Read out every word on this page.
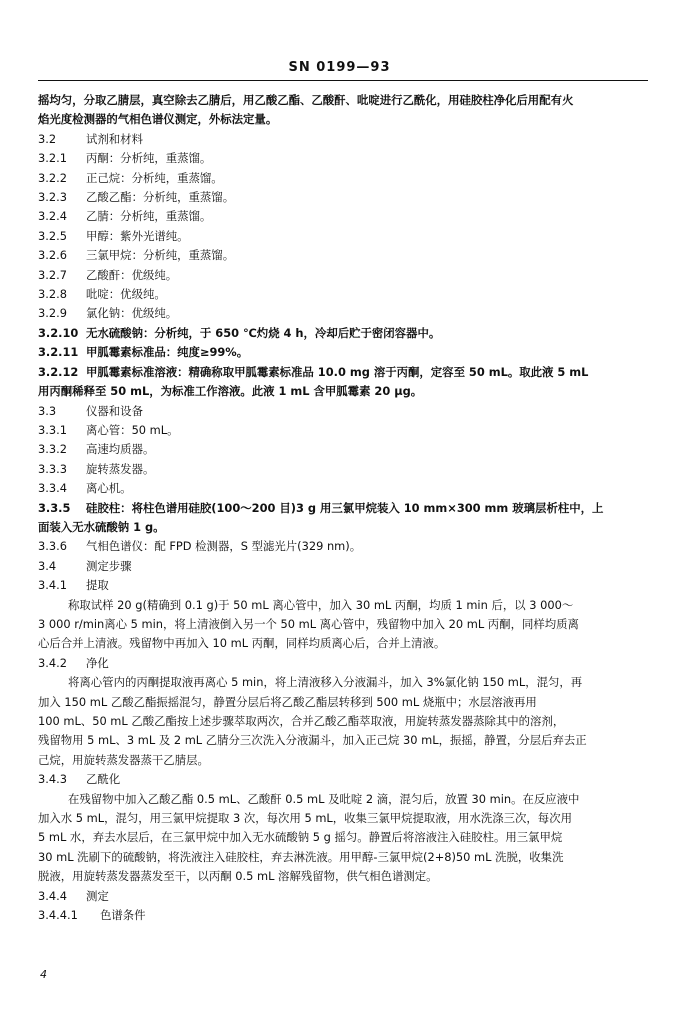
SN 0199—93

摇均匀，分取乙腈层，真空除去乙腈后，用乙酸乙酯、乙酸酐、吡啶进行乙酰化，用硅胶柱净化后用配有火

焰光度检测器的气相色谱仪测定，外标法定量。

3.2	试剂和材料

3.2.1	丙酮：分析纯，重蒸馏。

3.2.2	正己烷：分析纯，重蒸馏。

3.2.3	乙酸乙酯：分析纯，重蒸馏。

3.2.4	乙腈：分析纯，重蒸馏。

3.2.5	甲醇：紫外光谱纯。

3.2.6	三氯甲烷：分析纯，重蒸馏。

3.2.7	乙酸酐：优级纯。

3.2.8	吡啶：优级纯。

3.2.9	氯化钠：优级纯。

3.2.10 无水硫酸钠：分析纯，于 650 ℃灼烧 4 h，冷却后贮于密闭容器中。

3.2.11 甲胍霉素标准品：纯度≥99%。

3.2.12 甲胍霉素标准溶液：精确称取甲胍霉素标准品 10.0 mg 溶于丙酮，定容至 50 mL。取此液 5 mL

用丙酮稀释至 50 mL，为标准工作溶液。此液 1 mL 含甲胍霉素 20 μg。

3.3	仪器和设备

3.3.1	离心管：50 mL。

3.3.2	高速均质器。

3.3.3	旋转蒸发器。

3.3.4	离心机。

3.3.5	硅胶柱：将柱色谱用硅胶(100～200 目)3 g 用三氯甲烷装入 10 mm×300 mm 玻璃层析柱中，上

面装入无水硫酸钠 1 g。

3.3.6	气相色谱仪：配 FPD 检测器，S 型滤光片(329 nm)。

3.4	测定步骤

3.4.1	提取

称取试样 20 g(精确到 0.1 g)于 50 mL 离心管中，加入 30 mL 丙酮，均质 1 min 后，以 3 000～

3 000 r/min离心 5 min，将上清液倒入另一个 50 mL 离心管中，残留物中加入 20 mL 丙酮，同样均质离

心后合并上清液。残留物中再加入 10 mL 丙酮，同样均质离心后，合并上清液。

3.4.2	净化

将离心管内的丙酮提取液再离心 5 min，将上清液移入分液漏斗，加入 3%氯化钠 150 mL，混匀，再

加入 150 mL 乙酸乙酯振摇混匀，静置分层后将乙酸乙酯层转移到 500 mL 烧瓶中；水层溶液再用

100 mL、50 mL 乙酸乙酯按上述步骤萃取两次，合并乙酸乙酯萃取液，用旋转蒸发器蒸除其中的溶剂，

残留物用 5 mL、3 mL 及 2 mL 乙腈分三次洗入分液漏斗，加入正己烷 30 mL，振摇，静置，分层后弃去正

己烷，用旋转蒸发器蒸干乙腈层。

3.4.3	乙酰化

在残留物中加入乙酸乙酯 0.5 mL、乙酸酐 0.5 mL 及吡啶 2 滴，混匀后，放置 30 min。在反应液中

加入水 5 mL，混匀，用三氯甲烷提取 3 次，每次用 5 mL，收集三氯甲烷提取液，用水洗涤三次，每次用

5 mL 水，弃去水层后，在三氯甲烷中加入无水硫酸钠 5 g 摇匀。静置后将溶液注入硅胶柱。用三氯甲烷

30 mL 洗刷下的硫酸钠，将洗液注入硅胶柱，弃去淋洗液。用甲醇-三氯甲烷(2+8)50 mL 洗脱，收集洗

脱液，用旋转蒸发器蒸发至干，以丙酮 0.5 mL 溶解残留物，供气相色谱测定。

3.4.4	测定

3.4.4.1	色谱条件

4
